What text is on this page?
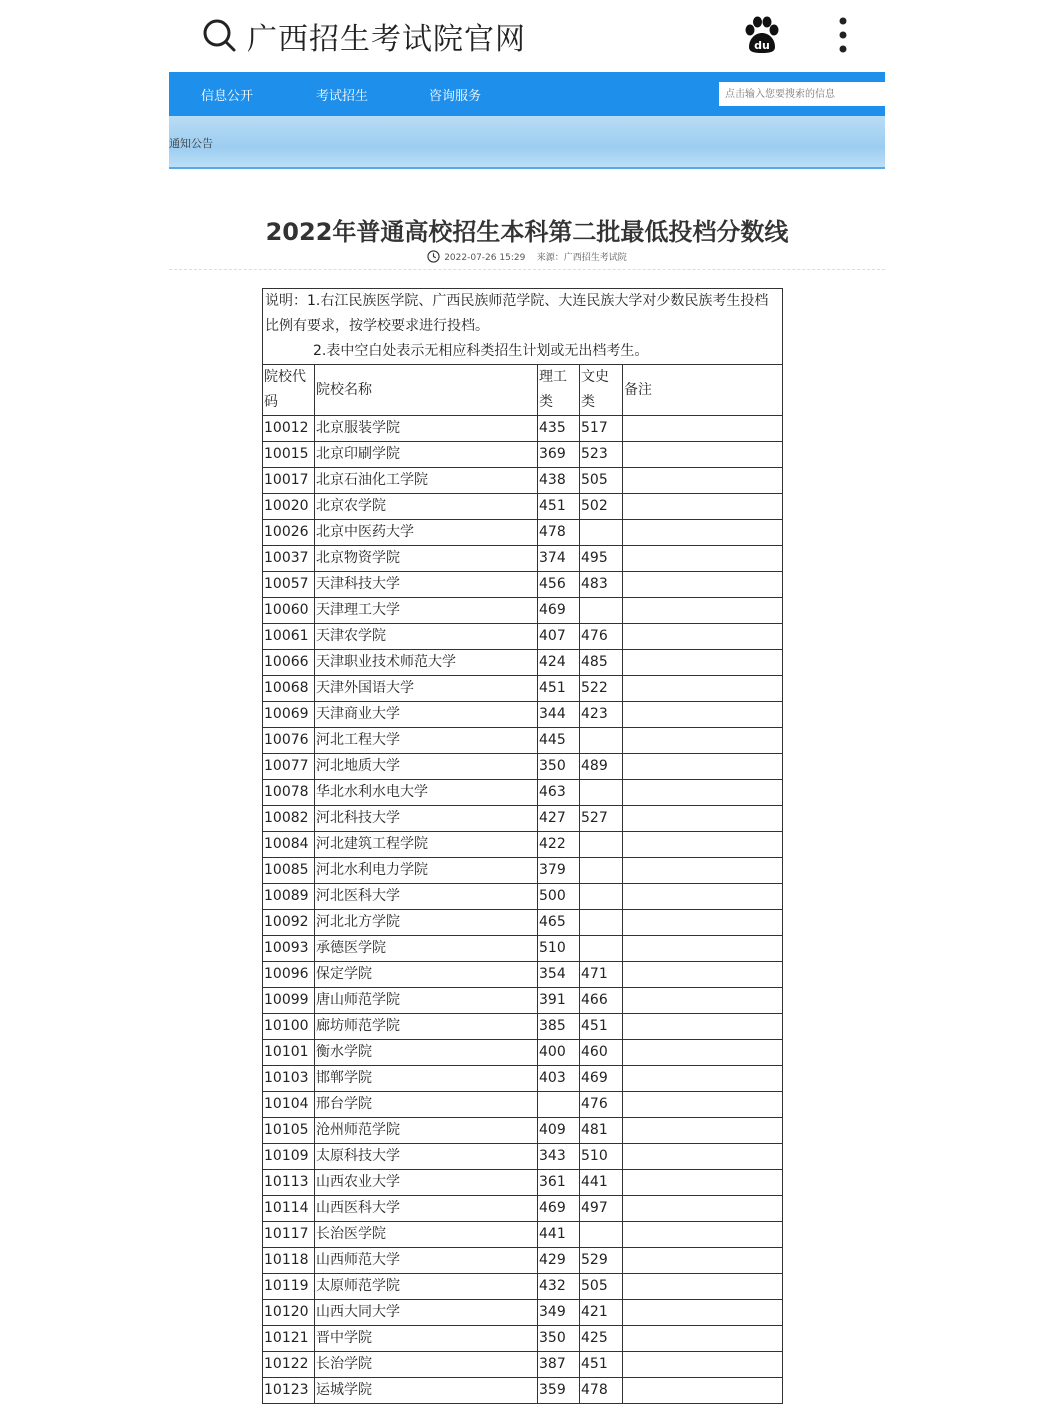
广西招生考试院官网	du
信息公开	考试招生	咨询服务
点击输入您要搜索的信息
通知公告
2022年普通高校招生本科第二批最低投档分数线
2022-07-26 15:29 来源：广西招生考试院
说明：1.右江民族医学院、广西民族师范学院、大连民族大学对少数民族考生投档比例有要求，按学校要求进行投档。
2.表中空白处表示无相应科类招生计划或无出档考生。				

院校代码	院校名称	理工类	文史类	备注
10012	北京服装学院	435	517	
10015	北京印刷学院	369	523	
10017	北京石油化工学院	438	505	
10020	北京农学院	451	502	
10026	北京中医药大学	478		
10037	北京物资学院	374	495	
10057	天津科技大学	456	483	
10060	天津理工大学	469		
10061	天津农学院	407	476	
10066	天津职业技术师范大学	424	485	
10068	天津外国语大学	451	522	
10069	天津商业大学	344	423	
10076	河北工程大学	445		
10077	河北地质大学	350	489	
10078	华北水利水电大学	463		
10082	河北科技大学	427	527	
10084	河北建筑工程学院	422		
10085	河北水利电力学院	379		
10089	河北医科大学	500		
10092	河北北方学院	465		
10093	承德医学院	510		
10096	保定学院	354	471	
10099	唐山师范学院	391	466	
10100	廊坊师范学院	385	451	
10101	衡水学院	400	460	
10103	邯郸学院	403	469	
10104	邢台学院		476	
10105	沧州师范学院	409	481	
10109	太原科技大学	343	510	
10113	山西农业大学	361	441	
10114	山西医科大学	469	497	
10117	长治医学院	441		
10118	山西师范大学	429	529	
10119	太原师范学院	432	505	
10120	山西大同大学	349	421	
10121	晋中学院	350	425	
10122	长治学院	387	451	
10123	运城学院	359	478	
